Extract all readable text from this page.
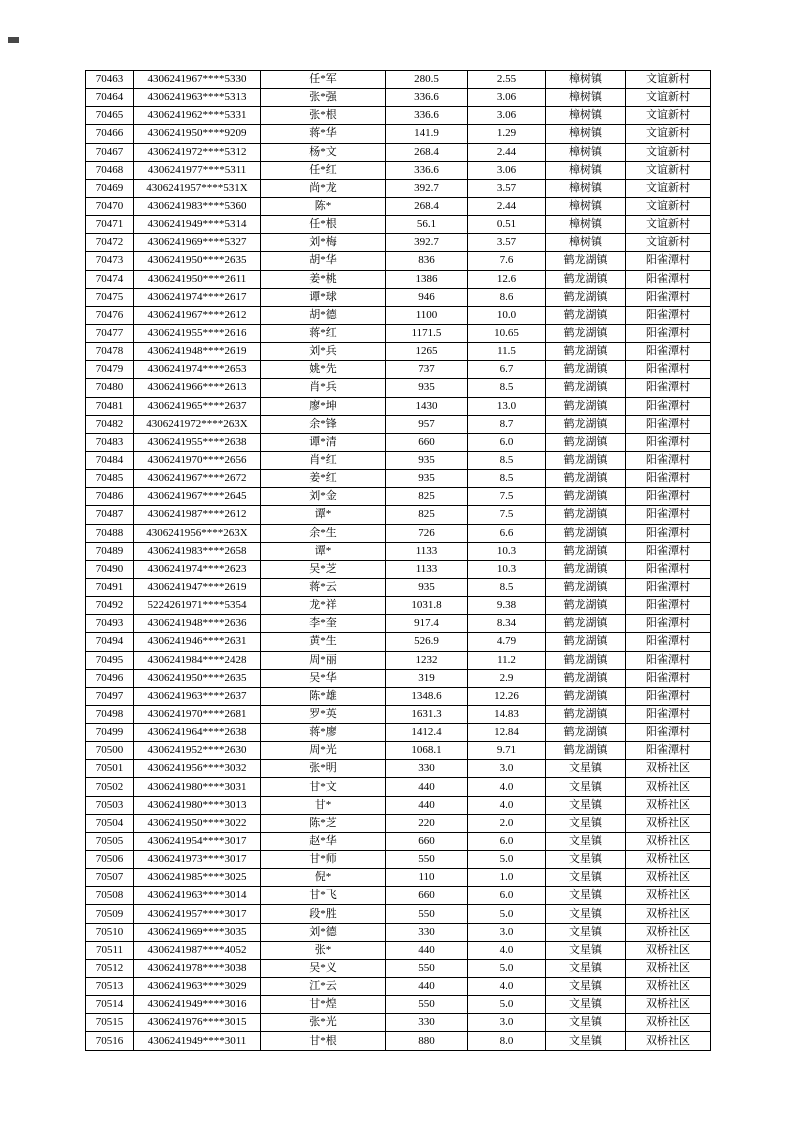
70463	4306241967****5330	任*军	280.5	2.55	樟树镇	文谊新村
70464	4306241963****5313	张*强	336.6	3.06	樟树镇	文谊新村
70465	4306241962****5331	张*根	336.6	3.06	樟树镇	文谊新村
70466	4306241950****9209	蒋*华	141.9	1.29	樟树镇	文谊新村
70467	4306241972****5312	杨*文	268.4	2.44	樟树镇	文谊新村
70468	4306241977****5311	任*红	336.6	3.06	樟树镇	文谊新村
70469	4306241957****531X	尚*龙	392.7	3.57	樟树镇	文谊新村
70470	4306241983****5360	陈*	268.4	2.44	樟树镇	文谊新村
70471	4306241949****5314	任*根	56.1	0.51	樟树镇	文谊新村
70472	4306241969****5327	刘*梅	392.7	3.57	樟树镇	文谊新村
70473	4306241950****2635	胡*华	836	7.6	鹤龙湖镇	阳雀潭村
70474	4306241950****2611	姜*桃	1386	12.6	鹤龙湖镇	阳雀潭村
70475	4306241974****2617	谭*球	946	8.6	鹤龙湖镇	阳雀潭村
70476	4306241967****2612	胡*德	1100	10.0	鹤龙湖镇	阳雀潭村
70477	4306241955****2616	蒋*红	1171.5	10.65	鹤龙湖镇	阳雀潭村
70478	4306241948****2619	刘*兵	1265	11.5	鹤龙湖镇	阳雀潭村
70479	4306241974****2653	姚*先	737	6.7	鹤龙湖镇	阳雀潭村
70480	4306241966****2613	肖*兵	935	8.5	鹤龙湖镇	阳雀潭村
70481	4306241965****2637	廖*坤	1430	13.0	鹤龙湖镇	阳雀潭村
70482	4306241972****263X	余*锋	957	8.7	鹤龙湖镇	阳雀潭村
70483	4306241955****2638	谭*清	660	6.0	鹤龙湖镇	阳雀潭村
70484	4306241970****2656	肖*红	935	8.5	鹤龙湖镇	阳雀潭村
70485	4306241967****2672	姜*红	935	8.5	鹤龙湖镇	阳雀潭村
70486	4306241967****2645	刘*金	825	7.5	鹤龙湖镇	阳雀潭村
70487	4306241987****2612	谭*	825	7.5	鹤龙湖镇	阳雀潭村
70488	4306241956****263X	余*生	726	6.6	鹤龙湖镇	阳雀潭村
70489	4306241983****2658	谭*	1133	10.3	鹤龙湖镇	阳雀潭村
70490	4306241974****2623	吴*芝	1133	10.3	鹤龙湖镇	阳雀潭村
70491	4306241947****2619	蒋*云	935	8.5	鹤龙湖镇	阳雀潭村
70492	5224261971****5354	龙*祥	1031.8	9.38	鹤龙湖镇	阳雀潭村
70493	4306241948****2636	李*奎	917.4	8.34	鹤龙湖镇	阳雀潭村
70494	4306241946****2631	黄*生	526.9	4.79	鹤龙湖镇	阳雀潭村
70495	4306241984****2428	周*丽	1232	11.2	鹤龙湖镇	阳雀潭村
70496	4306241950****2635	吴*华	319	2.9	鹤龙湖镇	阳雀潭村
70497	4306241963****2637	陈*雄	1348.6	12.26	鹤龙湖镇	阳雀潭村
70498	4306241970****2681	罗*英	1631.3	14.83	鹤龙湖镇	阳雀潭村
70499	4306241964****2638	蒋*廖	1412.4	12.84	鹤龙湖镇	阳雀潭村
70500	4306241952****2630	周*光	1068.1	9.71	鹤龙湖镇	阳雀潭村
70501	4306241956****3032	张*明	330	3.0	文星镇	双桥社区
70502	4306241980****3031	甘*文	440	4.0	文星镇	双桥社区
70503	4306241980****3013	甘*	440	4.0	文星镇	双桥社区
70504	4306241950****3022	陈*芝	220	2.0	文星镇	双桥社区
70505	4306241954****3017	赵*华	660	6.0	文星镇	双桥社区
70506	4306241973****3017	甘*师	550	5.0	文星镇	双桥社区
70507	4306241985****3025	倪*	110	1.0	文星镇	双桥社区
70508	4306241963****3014	甘*飞	660	6.0	文星镇	双桥社区
70509	4306241957****3017	段*胜	550	5.0	文星镇	双桥社区
70510	4306241969****3035	刘*德	330	3.0	文星镇	双桥社区
70511	4306241987****4052	张*	440	4.0	文星镇	双桥社区
70512	4306241978****3038	吴*义	550	5.0	文星镇	双桥社区
70513	4306241963****3029	江*云	440	4.0	文星镇	双桥社区
70514	4306241949****3016	甘*煌	550	5.0	文星镇	双桥社区
70515	4306241976****3015	张*光	330	3.0	文星镇	双桥社区
70516	4306241949****3011	甘*根	880	8.0	文星镇	双桥社区
